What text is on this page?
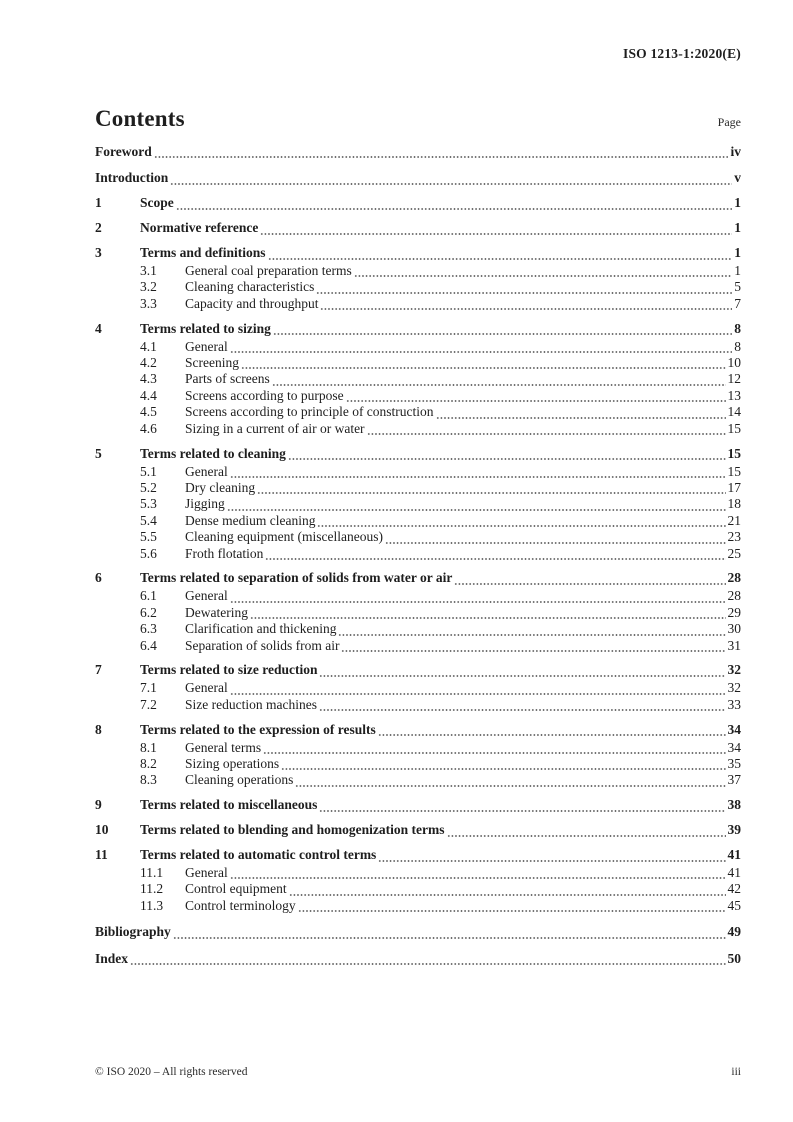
ISO 1213-1:2020(E)
Contents	Page
Foreword	iv
Introduction	v
1	Scope	1
2	Normative reference	1
3	Terms and definitions	1
3.1	General coal preparation terms	1
3.2	Cleaning characteristics	5
3.3	Capacity and throughput	7
4	Terms related to sizing	8
4.1	General	8
4.2	Screening	10
4.3	Parts of screens	12
4.4	Screens according to purpose	13
4.5	Screens according to principle of construction	14
4.6	Sizing in a current of air or water	15
5	Terms related to cleaning	15
5.1	General	15
5.2	Dry cleaning	17
5.3	Jigging	18
5.4	Dense medium cleaning	21
5.5	Cleaning equipment (miscellaneous)	23
5.6	Froth flotation	25
6	Terms related to separation of solids from water or air	28
6.1	General	28
6.2	Dewatering	29
6.3	Clarification and thickening	30
6.4	Separation of solids from air	31
7	Terms related to size reduction	32
7.1	General	32
7.2	Size reduction machines	33
8	Terms related to the expression of results	34
8.1	General terms	34
8.2	Sizing operations	35
8.3	Cleaning operations	37
9	Terms related to miscellaneous	38
10	Terms related to blending and homogenization terms	39
11	Terms related to automatic control terms	41
11.1	General	41
11.2	Control equipment	42
11.3	Control terminology	45
Bibliography	49
Index	50
© ISO 2020 – All rights reserved	iii
